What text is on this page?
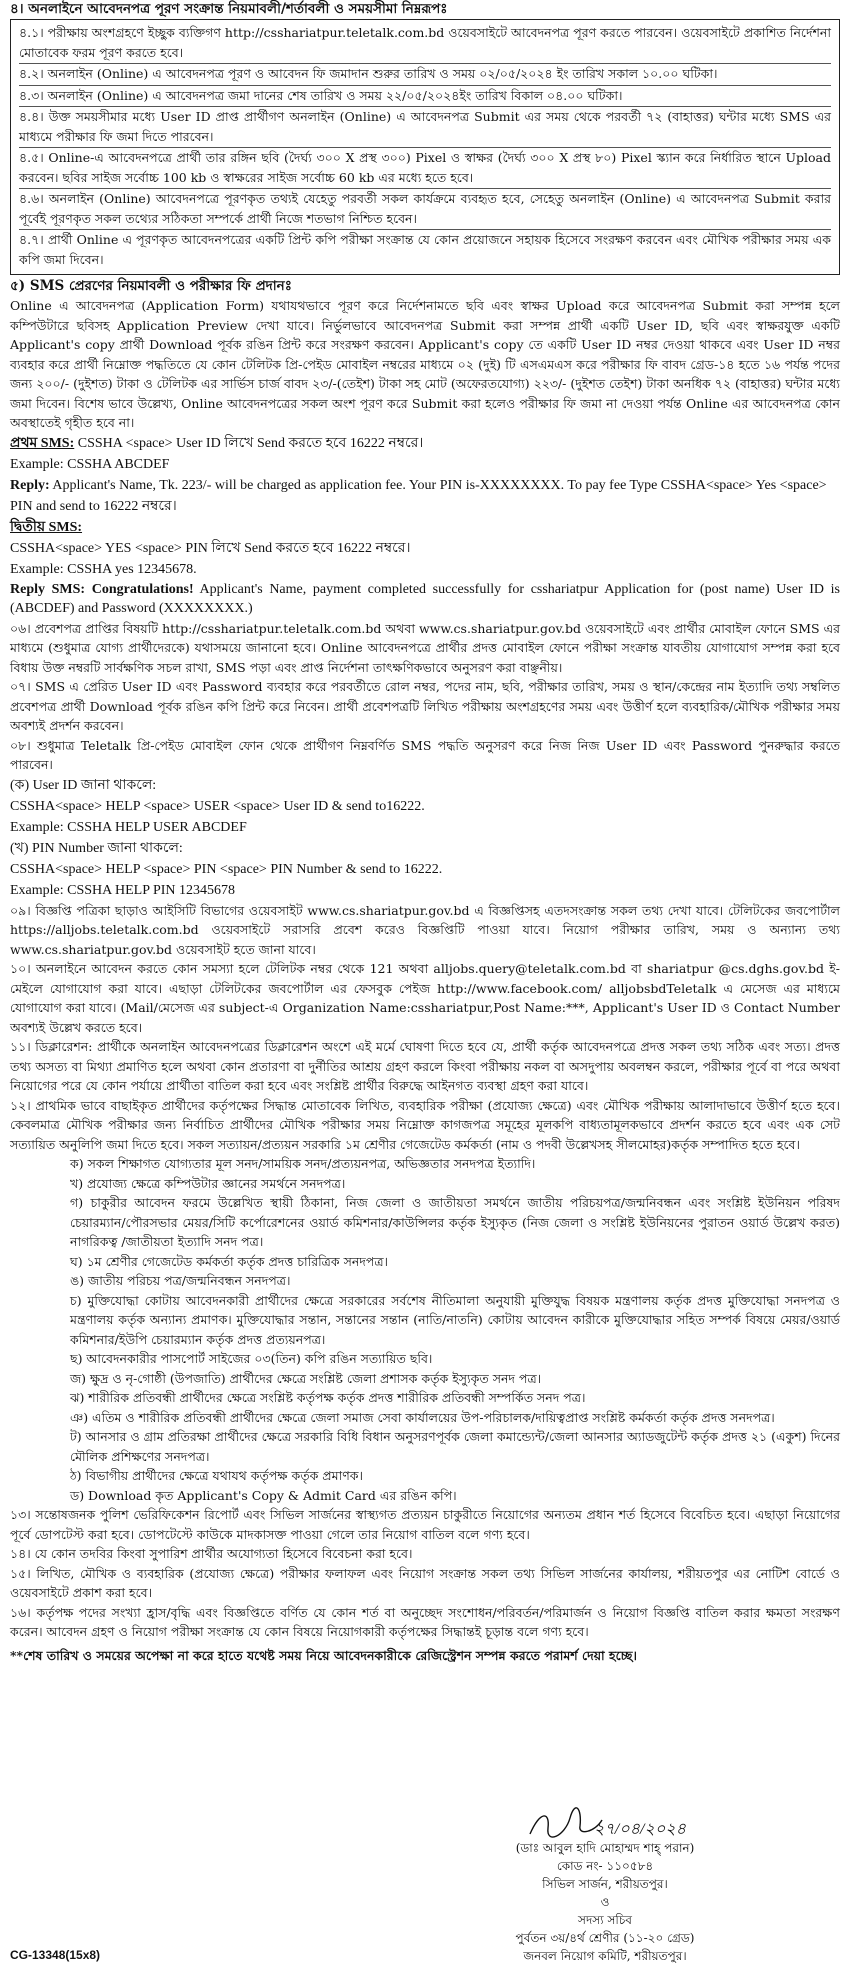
৪। অনলাইনে আবেদনপত্র পূরণ সংক্রান্ত নিয়মাবলী/শর্তাবলী ও সময়সীমা নিম্নরূপঃ

৪.১। পরীক্ষায় অংশগ্রহণে ইচ্ছুক ব্যক্তিগণ http://csshariatpur.teletalk.com.bd ওয়েবসাইটে আবেদনপত্র পূরণ করতে পারবেন। ওয়েবসাইটে প্রকাশিত নির্দেশনা মোতাবেক ফরম পূরণ করতে হবে।

৪.২। অনলাইন (Online) এ আবেদনপত্র পূরণ ও আবেদন ফি জমাদান শুরুর তারিখ ও সময় ০২/০৫/২০২৪ ইং তারিখ সকাল ১০.০০ ঘটিকা।

৪.৩। অনলাইন (Online) এ আবেদনপত্র জমা দানের শেষ তারিখ ও সময় ২২/০৫/২০২৪ইং তারিখ বিকাল ০৪.০০ ঘটিকা।

৪.৪। উক্ত সময়সীমার মধ্যে User ID প্রাপ্ত প্রার্থীগণ অনলাইন (Online) এ আবেদনপত্র Submit এর সময় থেকে পরবর্তী ৭২ (বাহাত্তর) ঘন্টার মধ্যে SMS এর মাধ্যমে পরীক্ষার ফি জমা দিতে পারবেন।

৪.৫। Online-এ আবেদনপত্রে প্রার্থী তার রঙ্গিন ছবি (দৈর্ঘ্য ৩০০ X প্রস্থ ৩০০) Pixel ও স্বাক্ষর (দৈর্ঘ্য ৩০০ X প্রস্থ ৮০) Pixel স্ক্যান করে নির্ধারিত স্থানে Upload করবেন। ছবির সাইজ সর্বোচ্চ 100 kb ও স্বাক্ষরের সাইজ সর্বোচ্চ 60 kb এর মধ্যে হতে হবে।

৪.৬। অনলাইন (Online) আবেদনপত্রে পূরণকৃত তথ্যই যেহেতু পরবর্তী সকল কার্যক্রমে ব্যবহৃত হবে, সেহেতু অনলাইন (Online) এ আবেদনপত্র Submit করার পূর্বেই পূরণকৃত সকল তথ্যের সঠিকতা সম্পর্কে প্রার্থী নিজে শতভাগ নিশ্চিত হবেন।

৪.৭। প্রার্থী Online এ পূরণকৃত আবেদনপত্রের একটি প্রিন্ট কপি পরীক্ষা সংক্রান্ত যে কোন প্রয়োজনে সহায়ক হিসেবে সংরক্ষণ করবেন এবং মৌখিক পরীক্ষার সময় এক কপি জমা দিবেন।

৫) SMS প্রেরণের নিয়মাবলী ও পরীক্ষার ফি প্রদানঃ

Online এ আবেদনপত্র (Application Form) যথাযথভাবে পূরণ করে নির্দেশনামতে ছবি এবং স্বাক্ষর Upload করে আবেদনপত্র Submit করা সম্পন্ন হলে কম্পিউটারে ছবিসহ Application Preview দেখা যাবে। নির্ভুলভাবে আবেদনপত্র Submit করা সম্পন্ন প্রার্থী একটি User ID, ছবি এবং স্বাক্ষরযুক্ত একটি Applicant's copy প্রার্থী Download পূর্বক রঙিন প্রিন্ট করে সংরক্ষণ করবেন। Applicant's copy তে একটি User ID নম্বর দেওয়া থাকবে এবং User ID নম্বর ব্যবহার করে প্রার্থী নিম্নোক্ত পদ্ধতিতে যে কোন টেলিটক প্রি-পেইড মোবাইল নম্বরের মাধ্যমে ০২ (দুই) টি এসএমএস করে পরীক্ষার ফি বাবদ গ্রেড-১৪ হতে ১৬ পর্যন্ত পদের জন্য ২০০/- (দুইশত) টাকা ও টেলিটক এর সার্ভিস চার্জ বাবদ ২৩/-(তেইশ) টাকা সহ মোট (অফেরতযোগ্য) ২২৩/- (দুইশত তেইশ) টাকা অনধিক ৭২ (বাহাত্তর) ঘন্টার মধ্যে জমা দিবেন। বিশেষ ভাবে উল্লেখ্য, Online আবেদনপত্রের সকল অংশ পূরণ করে Submit করা হলেও পরীক্ষার ফি জমা না দেওয়া পর্যন্ত Online এর আবেদনপত্র কোন অবস্থাতেই গৃহীত হবে না।

প্রথম SMS: CSSHA <space> User ID লিখে Send করতে হবে 16222 নম্বরে।

Example: CSSHA ABCDEF

Reply: Applicant's Name, Tk. 223/- will be charged as application fee. Your PIN is-XXXXXXXX. To pay fee Type CSSHA<space> Yes <space> PIN and send to 16222 নম্বরে।

দ্বিতীয় SMS:

CSSHA<space> YES <space> PIN লিখে Send করতে হবে 16222 নম্বরে।

Example: CSSHA yes 12345678.

Reply SMS: Congratulations! Applicant's Name, payment completed successfully for csshariatpur Application for (post name) User ID is (ABCDEF) and Password (XXXXXXXX.)

০৬। প্রবেশপত্র প্রাপ্তির বিষয়টি http://csshariatpur.teletalk.com.bd অথবা www.cs.shariatpur.gov.bd ওয়েবসাইটে এবং প্রার্থীর মোবাইল ফোনে SMS এর মাধ্যমে (শুধুমাত্র যোগ্য প্রার্থীদেরকে) যথাসময়ে জানানো হবে। Online আবেদনপত্রে প্রার্থীর প্রদত্ত মোবাইল ফোনে পরীক্ষা সংক্রান্ত যাবতীয় যোগাযোগ সম্পন্ন করা হবে বিধায় উক্ত নম্বরটি সার্বক্ষণিক সচল রাখা, SMS পড়া এবং প্রাপ্ত নির্দেশনা তাৎক্ষণিকভাবে অনুসরণ করা বাঞ্ছনীয়।

০৭। SMS এ প্রেরিত User ID এবং Password ব্যবহার করে পরবর্তীতে রোল নম্বর, পদের নাম, ছবি, পরীক্ষার তারিখ, সময় ও স্থান/কেন্দ্রের নাম ইত্যাদি তথ্য সম্বলিত প্রবেশপত্র প্রার্থী Download পূর্বক রঙিন কপি প্রিন্ট করে নিবেন। প্রার্থী প্রবেশপত্রটি লিখিত পরীক্ষায় অংশগ্রহণের সময় এবং উত্তীর্ণ হলে ব্যবহারিক/মৌখিক পরীক্ষার সময় অবশ্যই প্রদর্শন করবেন।

০৮। শুধুমাত্র Teletalk প্রি-পেইড মোবাইল ফোন থেকে প্রার্থীগণ নিম্নবর্ণিত SMS পদ্ধতি অনুসরণ করে নিজ নিজ User ID এবং Password পুনরুদ্ধার করতে পারবেন।

(ক) User ID জানা থাকলে:

CSSHA<space> HELP <space> USER <space> User ID & send to16222.

Example: CSSHA HELP USER ABCDEF

(খ) PIN Number জানা থাকলে:

CSSHA<space> HELP <space> PIN <space> PIN Number & send to 16222.

Example: CSSHA HELP PIN 12345678

০৯। বিজ্ঞপ্তি পত্রিকা ছাড়াও আইসিটি বিভাগের ওয়েবসাইট www.cs.shariatpur.gov.bd এ বিজ্ঞপ্তিসহ এতদসংক্রান্ত সকল তথ্য দেখা যাবে। টেলিটকের জবপোর্টাল https://alljobs.teletalk.com.bd ওয়েবসাইটে সরাসরি প্রবেশ করেও বিজ্ঞপ্তিটি পাওয়া যাবে। নিয়োগ পরীক্ষার তারিখ, সময় ও অন্যান্য তথ্য www.cs.shariatpur.gov.bd ওয়েবসাইট হতে জানা যাবে।

১০। অনলাইনে আবেদন করতে কোন সমস্যা হলে টেলিটক নম্বর থেকে 121 অথবা alljobs.query@teletalk.com.bd বা shariatpur @cs.dghs.gov.bd ই-মেইলে যোগাযোগ করা যাবে। এছাড়া টেলিটকের জবপোর্টাল এর ফেসবুক পেইজ http://www.facebook.com/ alljobsbdTeletalk এ মেসেজ এর মাধ্যমে যোগাযোগ করা যাবে। (Mail/মেসেজ এর subject-এ Organization Name:csshariatpur,Post Name:***, Applicant's User ID ও Contact Number অবশ্যই উল্লেখ করতে হবে।

১১। ডিক্লারেশন: প্রার্থীকে অনলাইন আবেদনপত্রের ডিক্লারেশন অংশে এই মর্মে ঘোষণা দিতে হবে যে, প্রার্থী কর্তৃক আবেদনপত্রে প্রদত্ত সকল তথ্য সঠিক এবং সত্য। প্রদত্ত তথ্য অসত্য বা মিথ্যা প্রমাণিত হলে অথবা কোন প্রতারণা বা দুর্নীতির আশ্রয় গ্রহণ করলে কিংবা পরীক্ষায় নকল বা অসদুপায় অবলম্বন করলে, পরীক্ষার পূর্বে বা পরে অথবা নিয়োগের পরে যে কোন পর্যায়ে প্রার্থীতা বাতিল করা হবে এবং সংশ্লিষ্ট প্রার্থীর বিরুদ্ধে আইনগত ব্যবস্থা গ্রহণ করা যাবে।

১২। প্রাথমিক ভাবে বাছাইকৃত প্রার্থীদের কর্তৃপক্ষের সিদ্ধান্ত মোতাবেক লিখিত, ব্যবহারিক পরীক্ষা (প্রযোজ্য ক্ষেত্রে) এবং মৌখিক পরীক্ষায় আলাদাভাবে উত্তীর্ণ হতে হবে। কেবলমাত্র মৌখিক পরীক্ষার জন্য নির্বাচিত প্রার্থীদের মৌখিক পরীক্ষার সময় নিম্নোক্ত কাগজপত্র সমূহের মূলকপি বাধ্যতামূলকভাবে প্রদর্শন করতে হবে এবং এক সেট সত্যায়িত অনুলিপি জমা দিতে হবে। সকল সত্যায়ন/প্রত্যয়ন সরকারি ১ম শ্রেণীর গেজেটেড কর্মকর্তা (নাম ও পদবী উল্লেখসহ সীলমোহর)কর্তৃক সম্পাদিত হতে হবে।

ক) সকল শিক্ষাগত যোগ্যতার মূল সনদ/সাময়িক সনদ/প্রত্যয়নপত্র, অভিজ্ঞতার সনদপত্র ইত্যাদি।

খ) প্রযোজ্য ক্ষেত্রে কম্পিউটার জ্ঞানের সমর্থনে সনদপত্র।

গ) চাকুরীর আবেদন ফরমে উল্লেখিত স্থায়ী ঠিকানা, নিজ জেলা ও জাতীয়তা সমর্থনে জাতীয় পরিচয়পত্র/জন্মনিবন্ধন এবং সংশ্লিষ্ট ইউনিয়ন পরিষদ চেয়ারম্যান/পৌরসভার মেয়র/সিটি কর্পোরেশনের ওয়ার্ড কমিশনার/কাউন্সিলর কর্তৃক ইস্যুকৃত (নিজ জেলা ও সংশ্লিষ্ট ইউনিয়নের পুরাতন ওয়ার্ড উল্লেখ করত) নাগরিকত্ব /জাতীয়তা ইত্যাদি সনদ পত্র।

ঘ) ১ম শ্রেণীর গেজেটেড কর্মকর্তা কর্তৃক প্রদত্ত চারিত্রিক সনদপত্র।

ঙ) জাতীয় পরিচয় পত্র/জন্মনিবন্ধন সনদপত্র।

চ) মুক্তিযোদ্ধা কোটায় আবেদনকারী প্রার্থীদের ক্ষেত্রে সরকারের সর্বশেষ নীতিমালা অনুযায়ী মুক্তিযুদ্ধ বিষয়ক মন্ত্রণালয় কর্তৃক প্রদত্ত মুক্তিযোদ্ধা সনদপত্র ও মন্ত্রণালয় কর্তৃক অন্যান্য প্রমাণক। মুক্তিযোদ্ধার সন্তান, সন্তানের সন্তান (নাতি/নাতনি) কোটায় আবেদন কারীকে মুক্তিযোদ্ধার সহিত সম্পর্ক বিষয়ে মেয়র/ওয়ার্ড কমিশনার/ইউপি চেয়ারম্যান কর্তৃক প্রদত্ত প্রত্যয়নপত্র।

ছ) আবেদনকারীর পাসপোর্ট সাইজের ০৩(তিন) কপি রঙিন সত্যায়িত ছবি।

জ) ক্ষুদ্র ও নৃ-গোষ্ঠী (উপজাতি) প্রার্থীদের ক্ষেত্রে সংশ্লিষ্ট জেলা প্রশাসক কর্তৃক ইস্যুকৃত সনদ পত্র।

ঝ) শারীরিক প্রতিবন্ধী প্রার্থীদের ক্ষেত্রে সংশ্লিষ্ট কর্তৃপক্ষ কর্তৃক প্রদত্ত শারীরিক প্রতিবন্ধী সম্পর্কিত সনদ পত্র।

ঞ) এতিম ও শারীরিক প্রতিবন্ধী প্রার্থীদের ক্ষেত্রে জেলা সমাজ সেবা কার্যালয়ের উপ-পরিচালক/দায়িত্বপ্রাপ্ত সংশ্লিষ্ট কর্মকর্তা কর্তৃক প্রদত্ত সনদপত্র।

ট) আনসার ও গ্রাম প্রতিরক্ষা প্রার্থীদের ক্ষেত্রে সরকারি বিধি বিধান অনুসরণপূর্বক জেলা কমান্ড্যেন্ট/জেলা আনসার অ্যাডজুটেন্ট কর্তৃক প্রদত্ত ২১ (একুশ) দিনের মৌলিক প্রশিক্ষণের সনদপত্র।

ঠ) বিভাগীয় প্রার্থীদের ক্ষেত্রে যথাযথ কর্তৃপক্ষ কর্তৃক প্রমাণক।

ড) Download কৃত Applicant's Copy & Admit Card এর রঙিন কপি।

১৩। সন্তোষজনক পুলিশ ভেরিফিকেশন রিপোর্ট এবং সিভিল সার্জনের স্বাস্থ্যগত প্রত্যয়ন চাকুরীতে নিয়োগের অন্যতম প্রধান শর্ত হিসেবে বিবেচিত হবে। এছাড়া নিয়োগের পূর্বে ডোপটেস্ট করা হবে। ডোপটেস্টে কাউকে মাদকাসক্ত পাওয়া গেলে তার নিয়োগ বাতিল বলে গণ্য হবে।

১৪। যে কোন তদবির কিংবা সুপারিশ প্রার্থীর অযোগ্যতা হিসেবে বিবেচনা করা হবে।

১৫। লিখিত, মৌখিক ও ব্যবহারিক (প্রযোজ্য ক্ষেত্রে) পরীক্ষার ফলাফল এবং নিয়োগ সংক্রান্ত সকল তথ্য সিভিল সার্জনের কার্যালয়, শরীয়তপুর এর নোটিশ বোর্ডে ও ওয়েবসাইটে প্রকাশ করা হবে।

১৬। কর্তৃপক্ষ পদের সংখ্যা হ্রাস/বৃদ্ধি এবং বিজ্ঞপ্তিতে বর্ণিত যে কোন শর্ত বা অনুচ্ছেদ সংশোধন/পরিবর্তন/পরিমার্জন ও নিয়োগ বিজ্ঞপ্তি বাতিল করার ক্ষমতা সংরক্ষণ করেন। আবেদন গ্রহণ ও নিয়োগ পরীক্ষা সংক্রান্ত যে কোন বিষয়ে নিয়োগকারী কর্তৃপক্ষের সিদ্ধান্তই চূড়ান্ত বলে গণ্য হবে।

**শেষ তারিখ ও সময়ের অপেক্ষা না করে হাতে যথেষ্ট সময় নিয়ে আবেদনকারীকে রেজিস্ট্রেশন সম্পন্ন করতে পরামর্শ দেয়া হচ্ছে।

২৭/০৪/২০২৪
(ডাঃ আবুল হাদি মোহাম্মদ শাহ্‌ পরান)
কোড নং- ১১০৫৮৪
সিভিল সার্জন, শরীয়তপুর।
ও
সদস্য সচিব
পুর্বতন ৩য়/৪র্থ শ্রেণীর (১১-২০ গ্রেড)
জনবল নিয়োগ কমিটি, শরীয়তপুর।
CG-13348(15x8)
